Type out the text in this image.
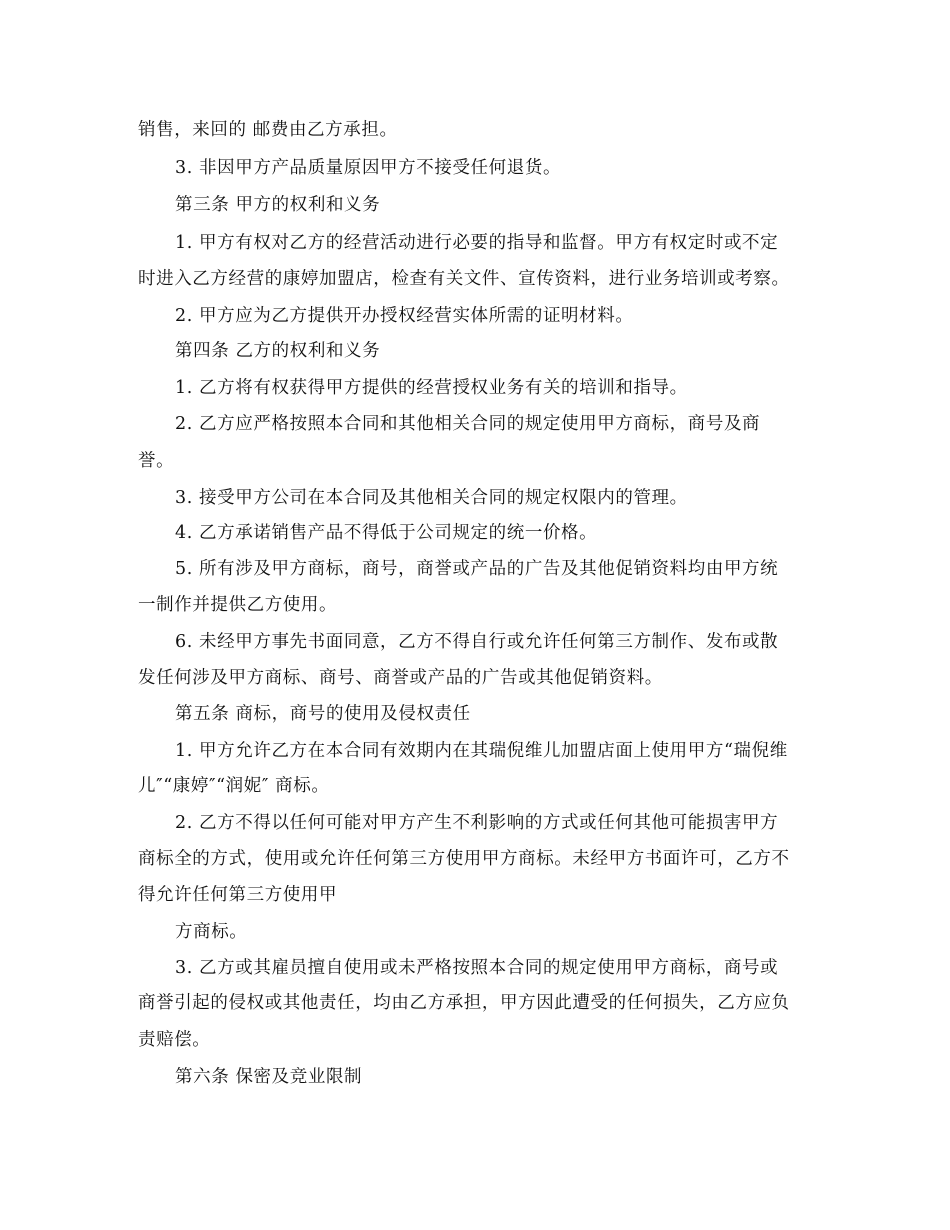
销售，来回的 邮费由乙方承担。
3. 非因甲方产品质量原因甲方不接受任何退货。
第三条 甲方的权利和义务
1. 甲方有权对乙方的经营活动进行必要的指导和监督。甲方有权定时或不定
时进入乙方经营的康婷加盟店，检查有关文件、宣传资料，进行业务培训或考察。
2. 甲方应为乙方提供开办授权经营实体所需的证明材料。
第四条 乙方的权利和义务
1. 乙方将有权获得甲方提供的经营授权业务有关的培训和指导。
2. 乙方应严格按照本合同和其他相关合同的规定使用甲方商标，商号及商
誉。
3. 接受甲方公司在本合同及其他相关合同的规定权限内的管理。
4. 乙方承诺销售产品不得低于公司规定的统一价格。
5. 所有涉及甲方商标，商号，商誉或产品的广告及其他促销资料均由甲方统
一制作并提供乙方使用。
6. 未经甲方事先书面同意，乙方不得自行或允许任何第三方制作、发布或散
发任何涉及甲方商标、商号、商誉或产品的广告或其他促销资料。
第五条 商标，商号的使用及侵权责任
1. 甲方允许乙方在本合同有效期内在其瑞倪维儿加盟店面上使用甲方“瑞倪维
儿″“康婷″“润妮″ 商标。
2. 乙方不得以任何可能对甲方产生不利影响的方式或任何其他可能损害甲方
商标全的方式，使用或允许任何第三方使用甲方商标。未经甲方书面许可，乙方不
得允许任何第三方使用甲
方商标。
3. 乙方或其雇员擅自使用或未严格按照本合同的规定使用甲方商标，商号或
商誉引起的侵权或其他责任，均由乙方承担，甲方因此遭受的任何损失，乙方应负
责赔偿。
第六条 保密及竞业限制
